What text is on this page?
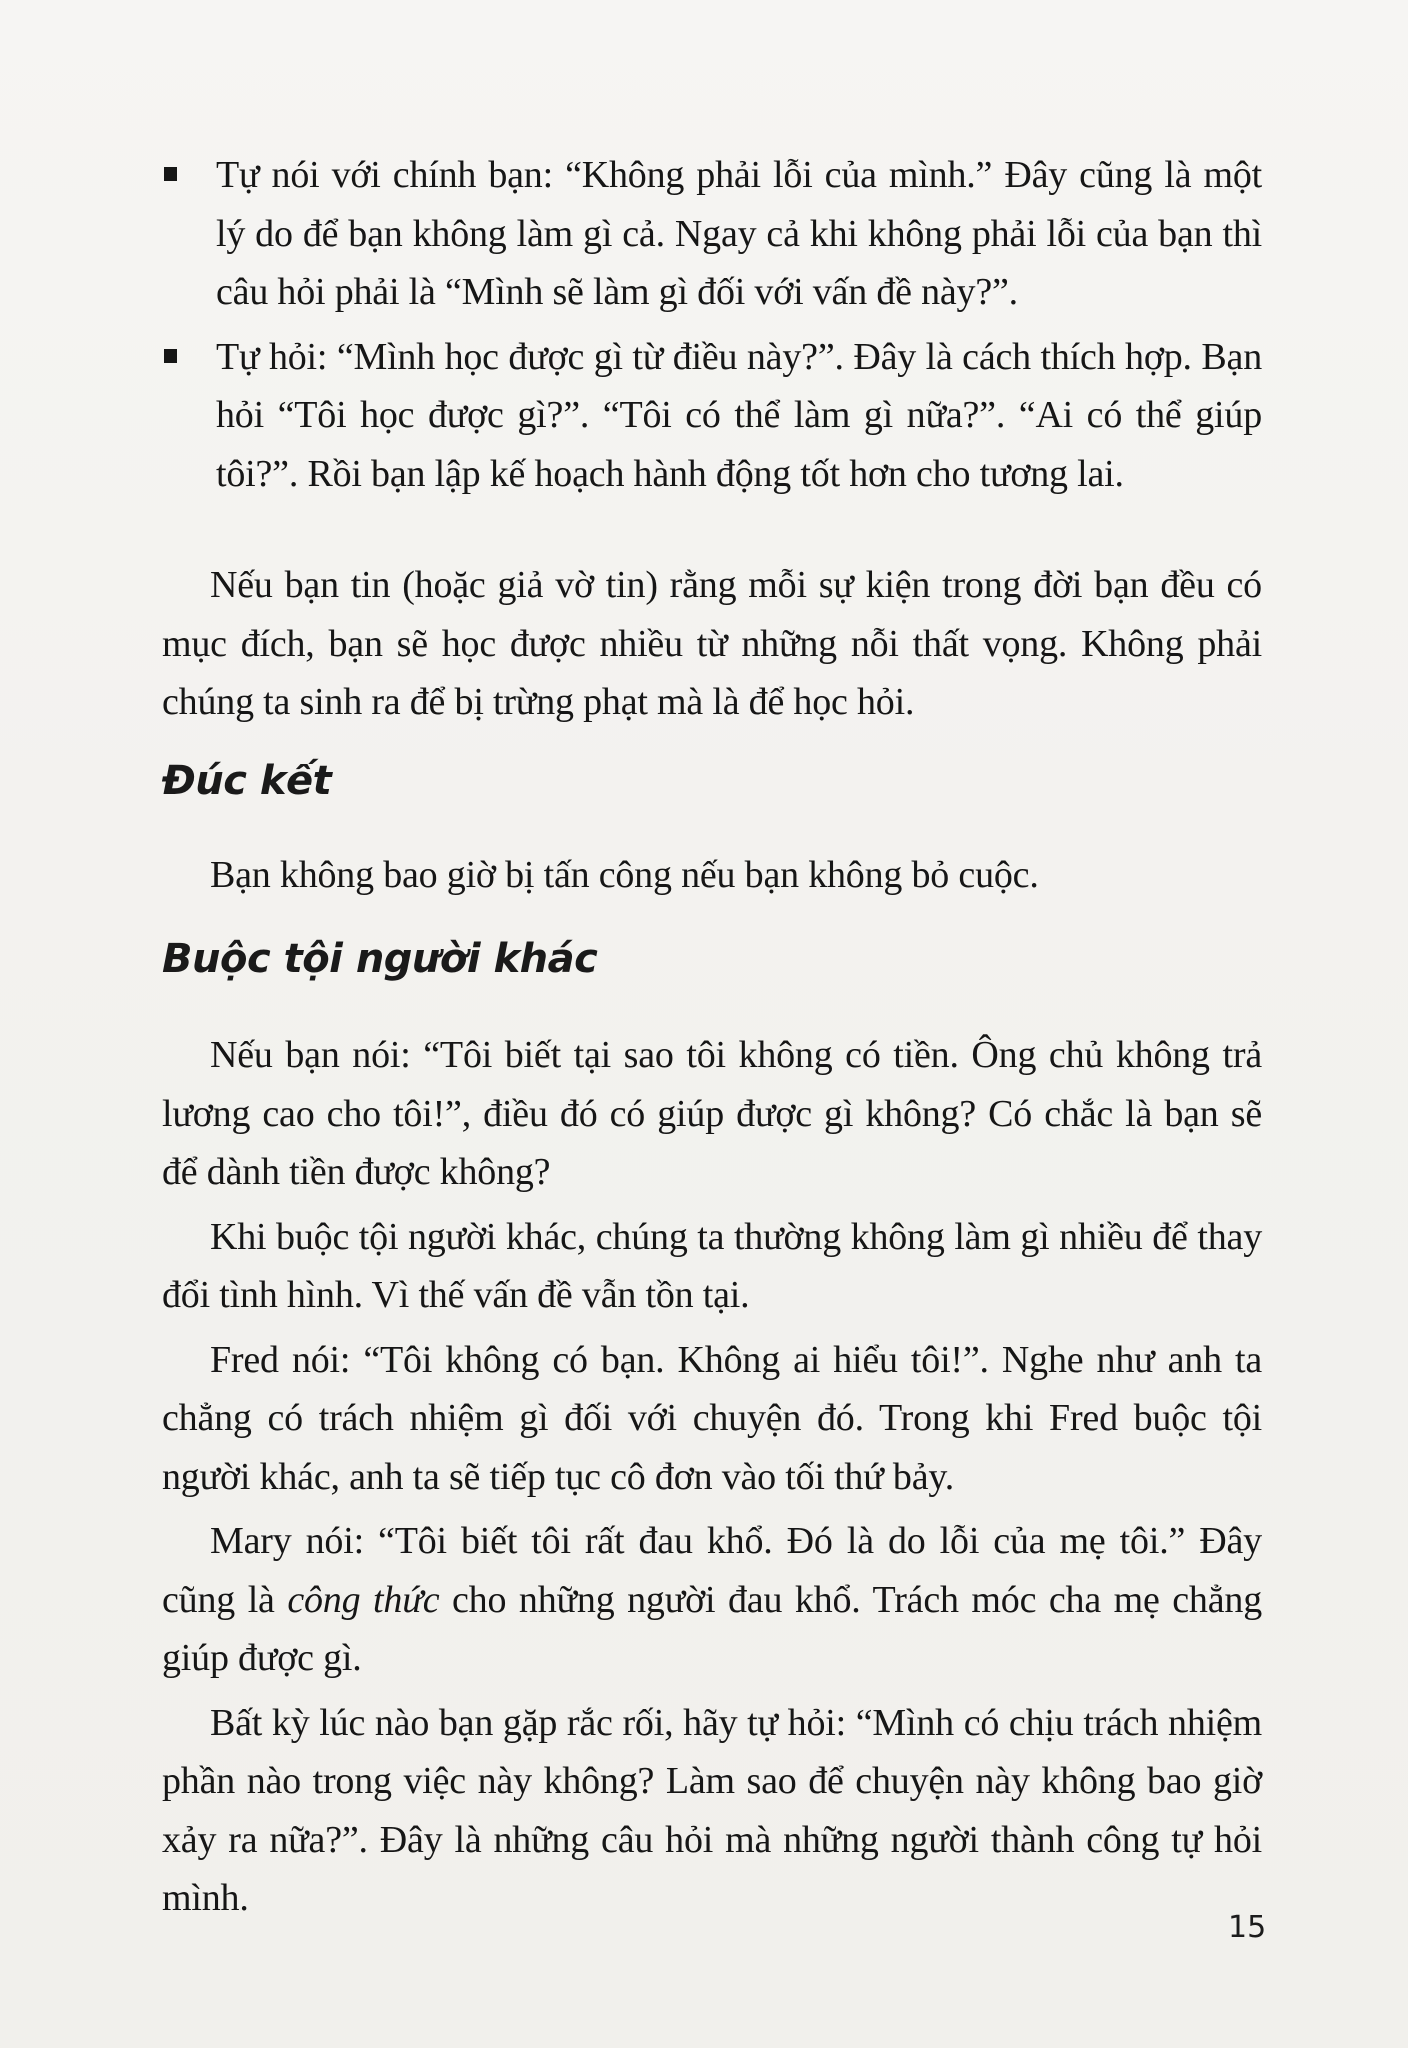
Tự nói với chính bạn: “Không phải lỗi của mình.” Đây cũng là một lý do để bạn không làm gì cả. Ngay cả khi không phải lỗi của bạn thì câu hỏi phải là “Mình sẽ làm gì đối với vấn đề này?”.
Tự hỏi: “Mình học được gì từ điều này?”. Đây là cách thích hợp. Bạn hỏi “Tôi học được gì?”. “Tôi có thể làm gì nữa?”. “Ai có thể giúp tôi?”. Rồi bạn lập kế hoạch hành động tốt hơn cho tương lai.

Nếu bạn tin (hoặc giả vờ tin) rằng mỗi sự kiện trong đời bạn đều có mục đích, bạn sẽ học được nhiều từ những nỗi thất vọng. Không phải chúng ta sinh ra để bị trừng phạt mà là để học hỏi.

Đúc kết

Bạn không bao giờ bị tấn công nếu bạn không bỏ cuộc.

Buộc tội người khác

Nếu bạn nói: “Tôi biết tại sao tôi không có tiền. Ông chủ không trả lương cao cho tôi!”, điều đó có giúp được gì không? Có chắc là bạn sẽ để dành tiền được không?

Khi buộc tội người khác, chúng ta thường không làm gì nhiều để thay đổi tình hình. Vì thế vấn đề vẫn tồn tại.

Fred nói: “Tôi không có bạn. Không ai hiểu tôi!”. Nghe như anh ta chẳng có trách nhiệm gì đối với chuyện đó. Trong khi Fred buộc tội người khác, anh ta sẽ tiếp tục cô đơn vào tối thứ bảy.

Mary nói: “Tôi biết tôi rất đau khổ. Đó là do lỗi của mẹ tôi.” Đây cũng là công thức cho những người đau khổ. Trách móc cha mẹ chẳng giúp được gì.

Bất kỳ lúc nào bạn gặp rắc rối, hãy tự hỏi: “Mình có chịu trách nhiệm phần nào trong việc này không? Làm sao để chuyện này không bao giờ xảy ra nữa?”. Đây là những câu hỏi mà những người thành công tự hỏi mình.

15
